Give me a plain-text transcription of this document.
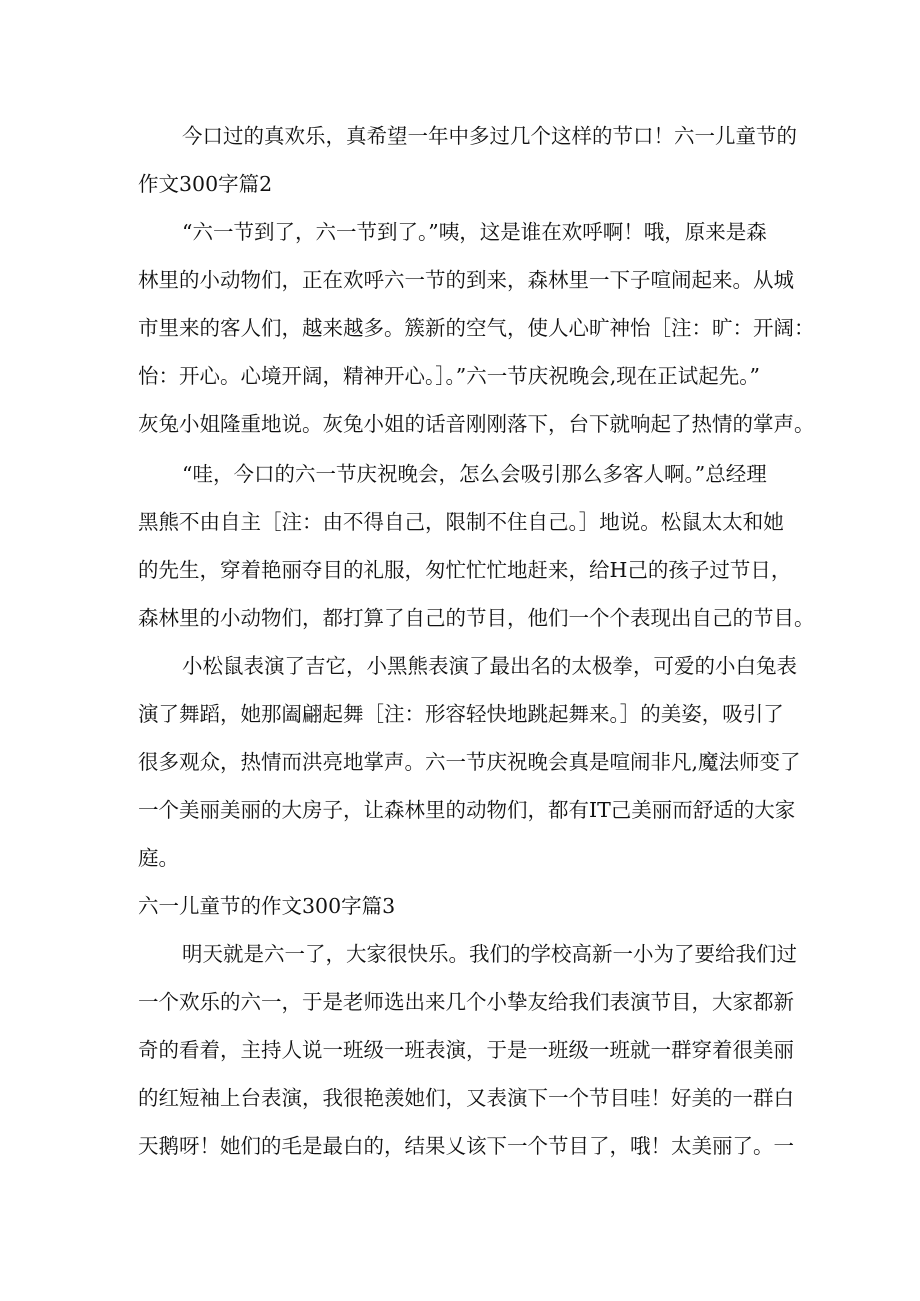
今口过的真欢乐，真希望一年中多过几个这样的节口！六一儿童节的
作文300字篇2
“六一节到了，六一节到了。”咦，这是谁在欢呼啊！哦，原来是森
林里的小动物们，正在欢呼六一节的到来，森林里一下子喧闹起来。从城
市里来的客人们，越来越多。簇新的空气，使人心旷神怡［注：旷：开阔：
怡：开心。心境开阔，精神开心。］。”六一节庆祝晚会,现在正试起先。”
灰兔小姐隆重地说。灰兔小姐的话音刚刚落下，台下就响起了热情的掌声。
“哇，今口的六一节庆祝晚会，怎么会吸引那么多客人啊。”总经理
黑熊不由自主［注：由不得自己，限制不住自己。］地说。松鼠太太和她
的先生，穿着艳丽夺目的礼服，匆忙忙忙地赶来，给H己的孩子过节日，
森林里的小动物们，都打算了自己的节目，他们一个个表现出自己的节目。
小松鼠表演了吉它，小黑熊表演了最出名的太极拳，可爱的小白兔表
演了舞蹈，她那阖翩起舞［注：形容轻快地跳起舞来。］的美姿，吸引了
很多观众，热情而洪亮地掌声。六一节庆祝晚会真是喧闹非凡,魔法师变了
一个美丽美丽的大房子，让森林里的动物们，都有IT己美丽而舒适的大家
庭。
六一儿童节的作文300字篇3
明天就是六一了，大家很快乐。我们的学校高新一小为了要给我们过
一个欢乐的六一，于是老师选出来几个小挚友给我们表演节目，大家都新
奇的看着，主持人说一班级一班表演，于是一班级一班就一群穿着很美丽
的红短袖上台表演，我很艳羡她们，又表演下一个节目哇！好美的一群白
天鹅呀！她们的毛是最白的，结果乂该下一个节目了，哦！太美丽了。一
